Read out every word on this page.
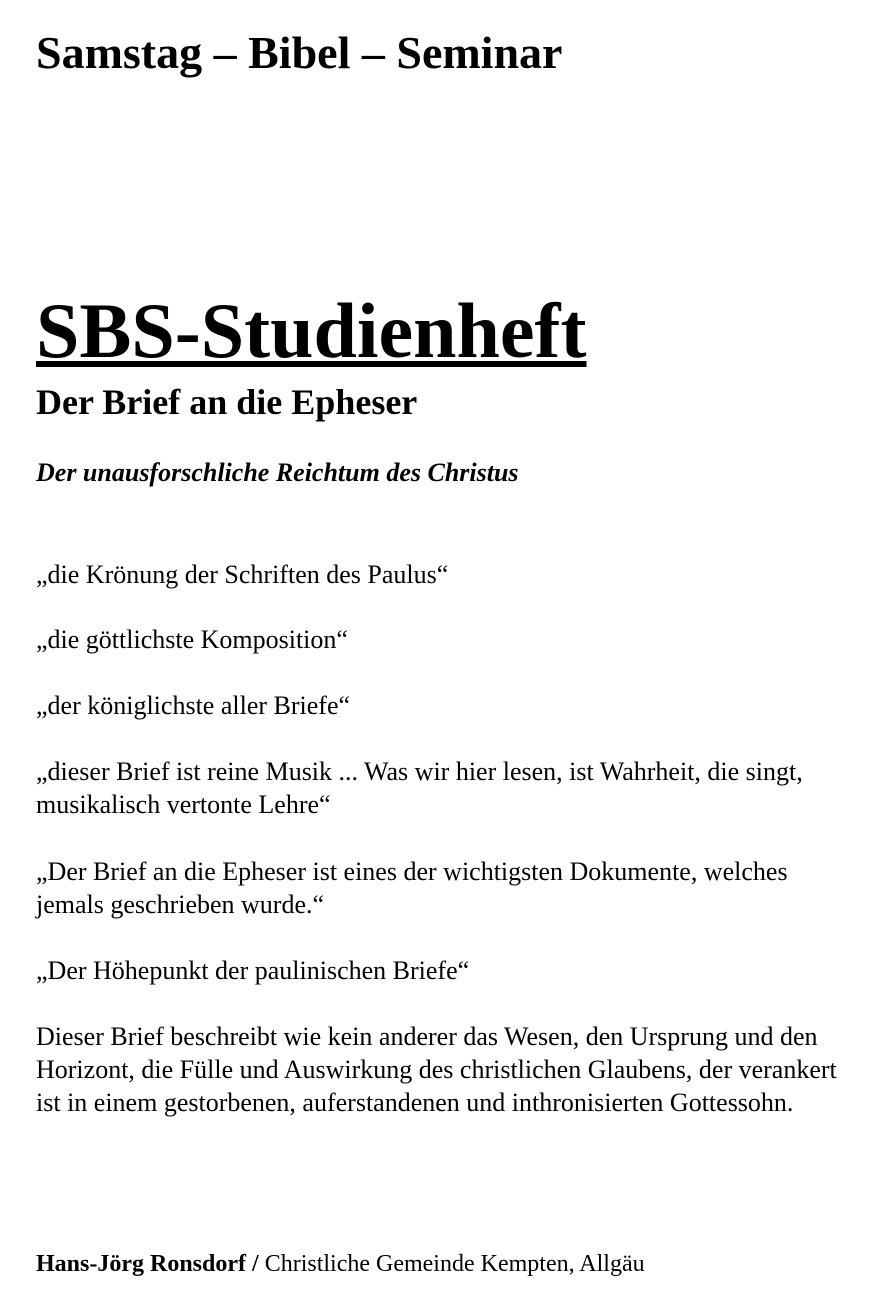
Samstag – Bibel – Seminar
SBS-Studienheft
Der Brief an die Epheser

Der unausforschliche Reichtum des Christus

„die Krönung der Schriften des Paulus“

„die göttlichste Komposition“

„der königlichste aller Briefe“

„dieser Brief ist reine Musik ... Was wir hier lesen, ist Wahrheit, die singt, musikalisch vertonte Lehre“

„Der Brief an die Epheser ist eines der wichtigsten Dokumente, welches jemals geschrieben wurde.“

„Der Höhepunkt der paulinischen Briefe“

Dieser Brief beschreibt wie kein anderer das Wesen, den Ursprung und den Horizont, die Fülle und Auswirkung des christlichen Glaubens, der verankert ist in einem gestorbenen, auferstandenen und inthronisierten Gottessohn.

Hans-Jörg Ronsdorf / Christliche Gemeinde Kempten, Allgäu
